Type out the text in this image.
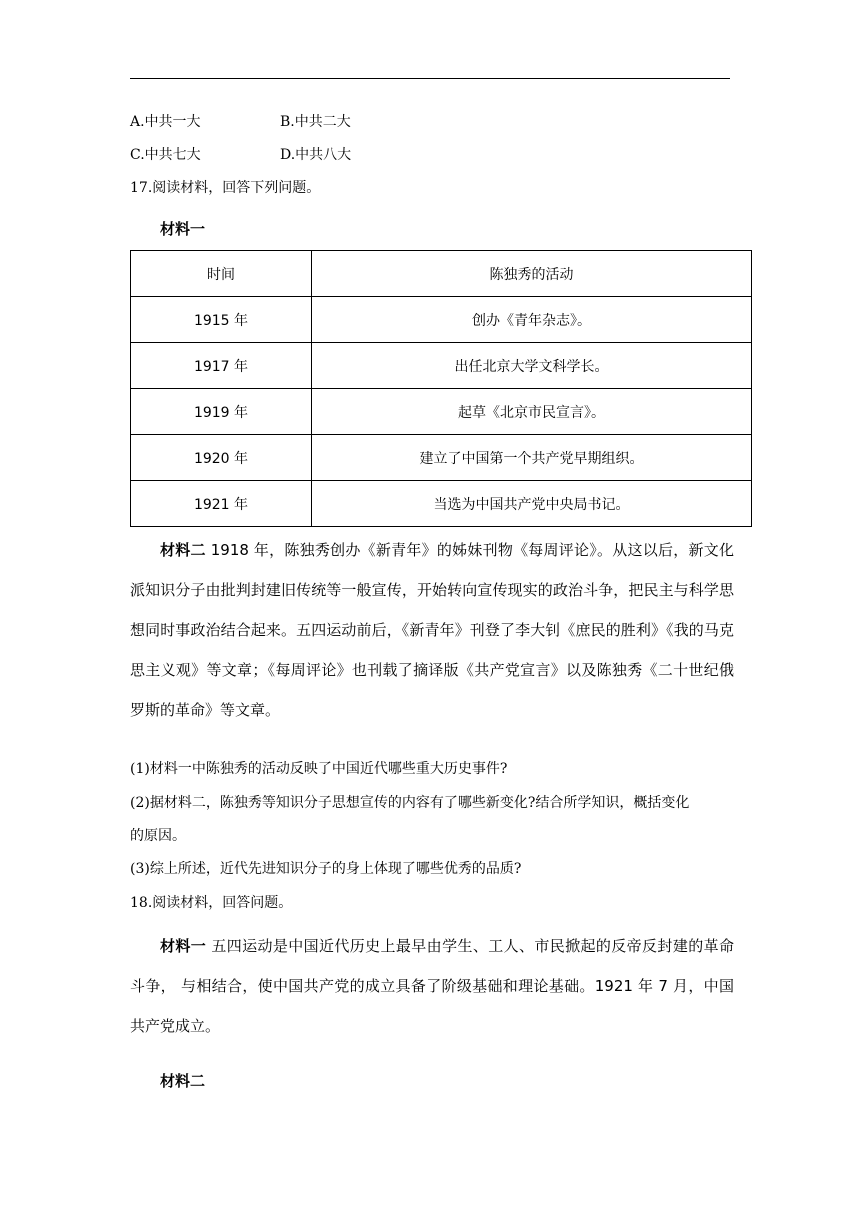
A.中共一大	B.中共二大
C.中共七大	D.中共八大
17.阅读材料，回答下列问题。
材料一
时间	陈独秀的活动
1915 年	创办《青年杂志》。
1917 年	出任北京大学文科学长。
1919 年	起草《北京市民宣言》。
1920 年	建立了中国第一个共产党早期组织。
1921 年	当选为中国共产党中央局书记。
材料二 1918 年，陈独秀创办《新青年》的姊妹刊物《每周评论》。从这以后，新文化派知识分子由批判封建旧传统等一般宣传，开始转向宣传现实的政治斗争，把民主与科学思想同时事政治结合起来。五四运动前后，《新青年》刊登了李大钊《庶民的胜利》《我的马克思主义观》等文章；《每周评论》也刊载了摘译版《共产党宣言》以及陈独秀《二十世纪俄罗斯的革命》等文章。
(1)材料一中陈独秀的活动反映了中国近代哪些重大历史事件?
(2)据材料二，陈独秀等知识分子思想宣传的内容有了哪些新变化?结合所学知识，概括变化
的原因。
(3)综上所述，近代先进知识分子的身上体现了哪些优秀的品质?
18.阅读材料，回答问题。
材料一 五四运动是中国近代历史上最早由学生、工人、市民掀起的反帝反封建的革命斗争， 与相结合，使中国共产党的成立具备了阶级基础和理论基础。1921 年 7 月，中国共产党成立。
材料二
